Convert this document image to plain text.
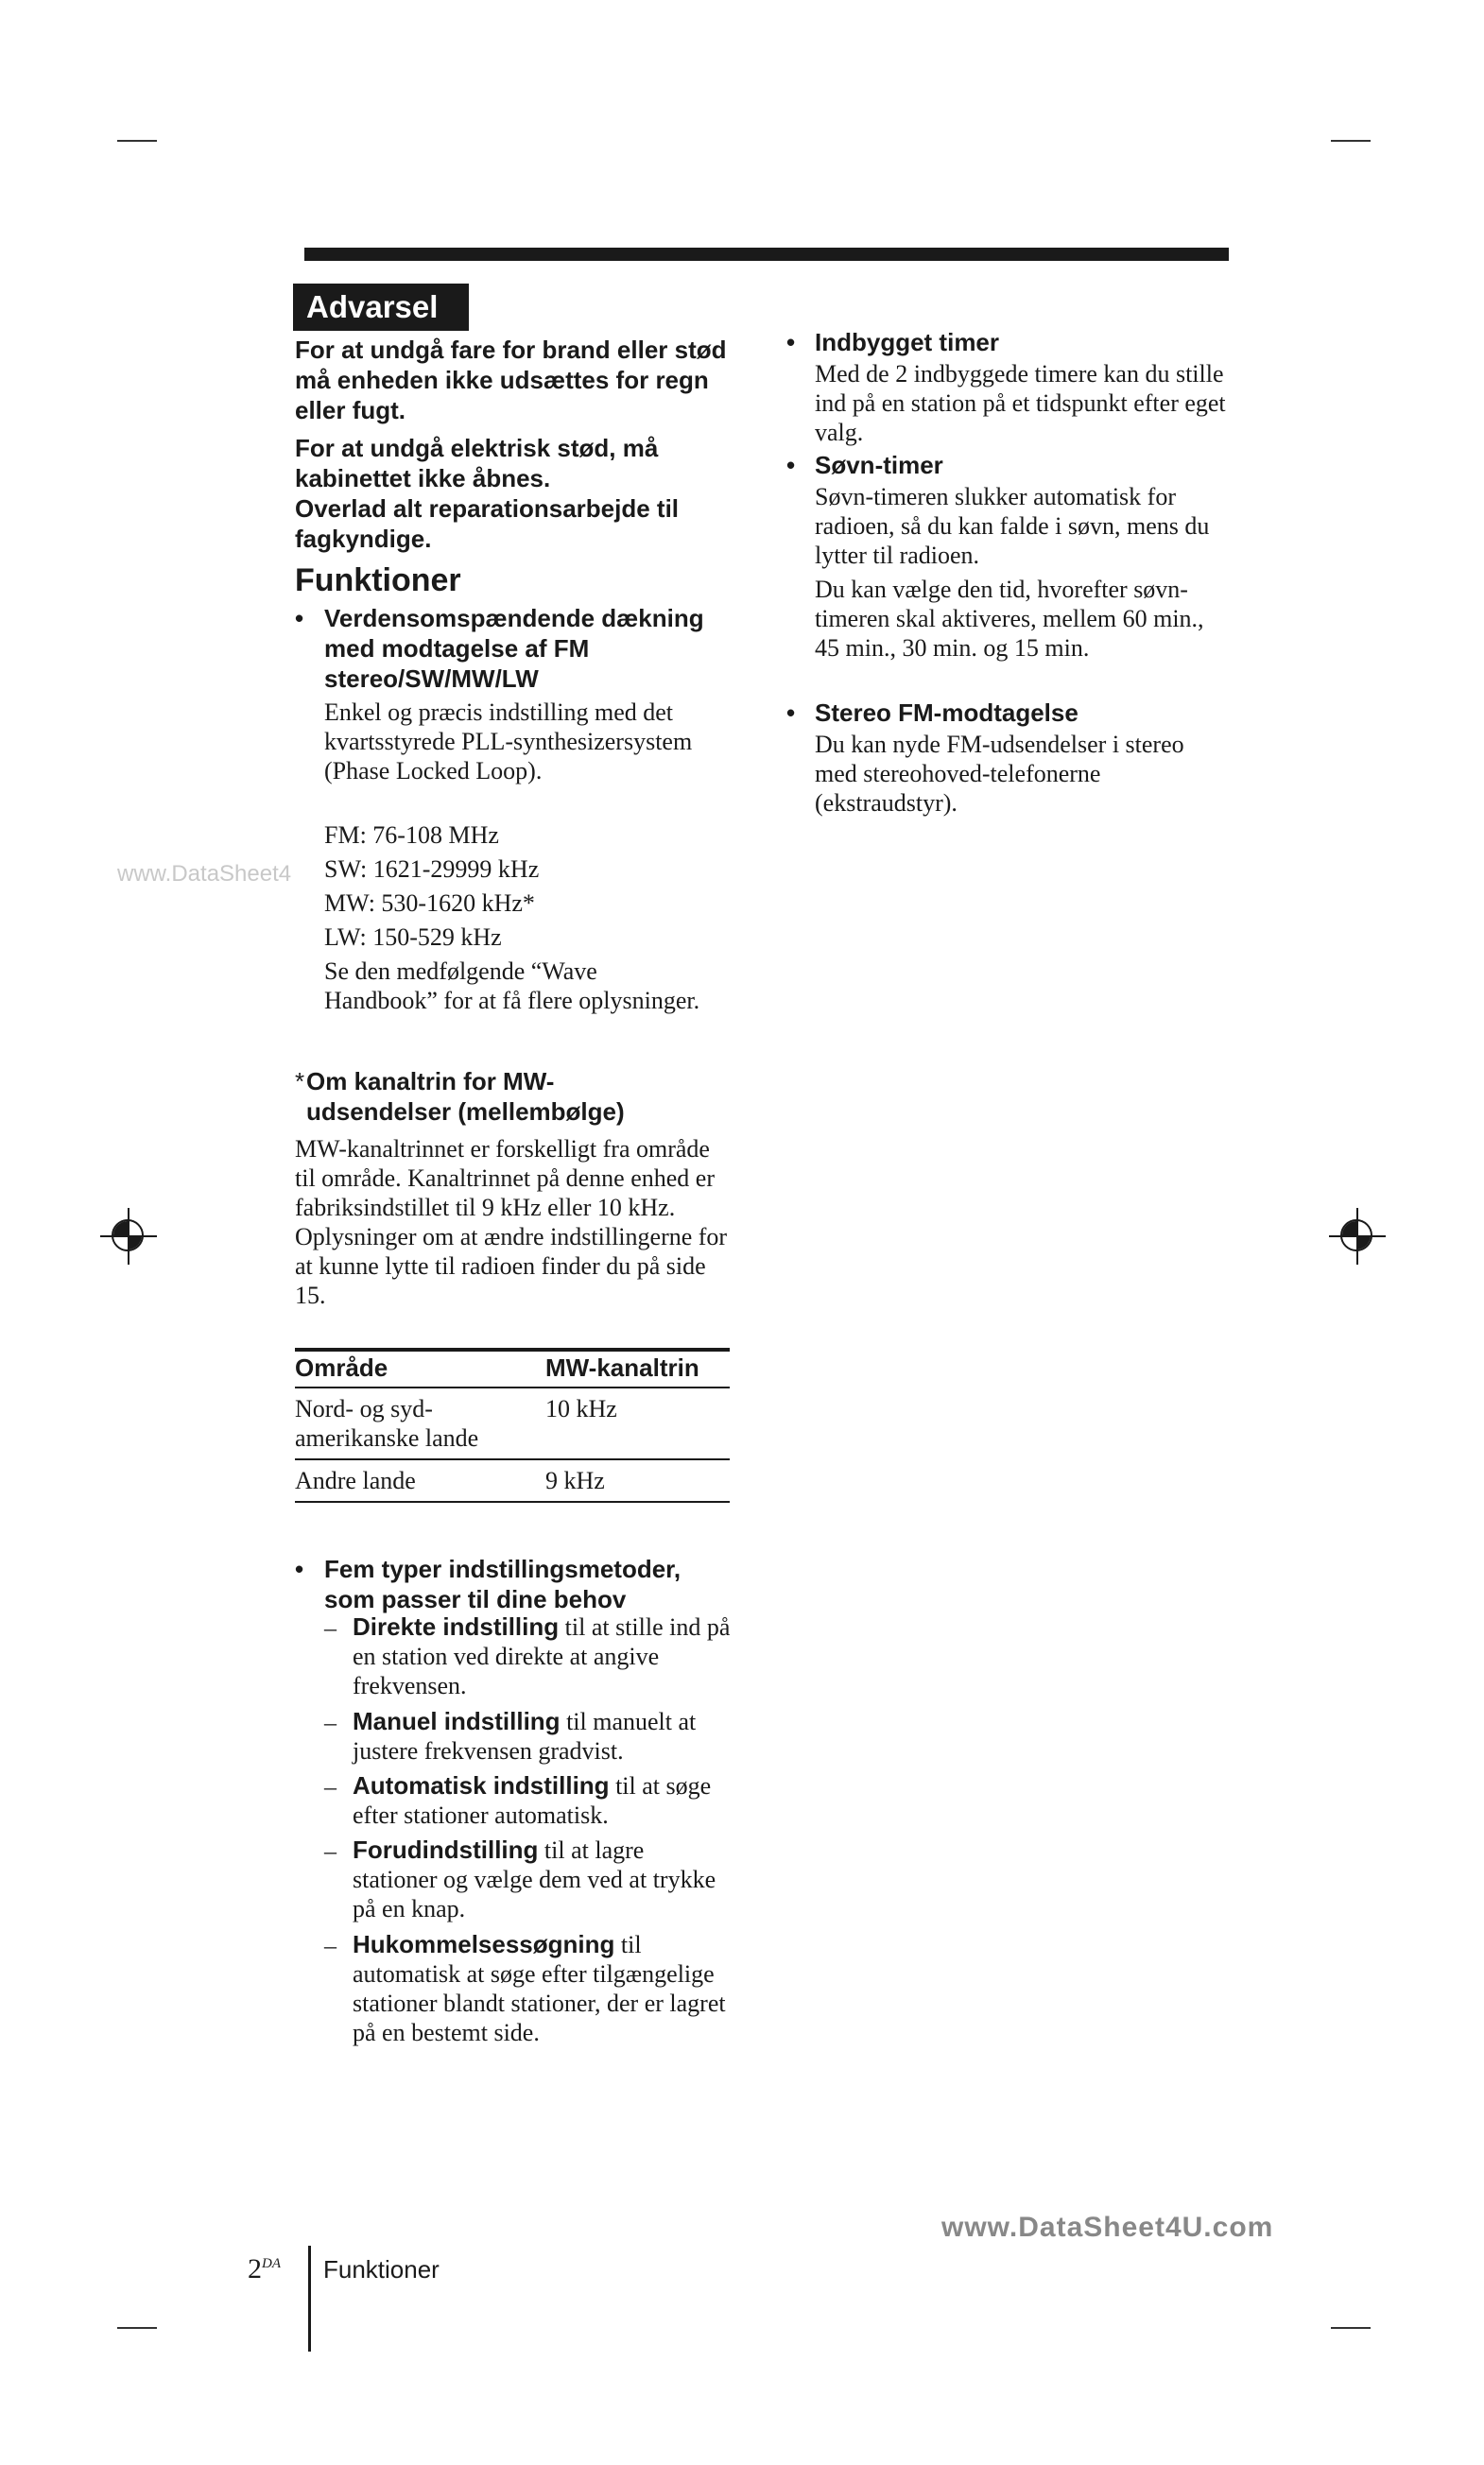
Advarsel
For at undgå fare for brand eller stød må enheden ikke udsættes for regn eller fugt.
For at undgå elektrisk stød, må kabinettet ikke åbnes.
Overlad alt reparationsarbejde til fagkyndige.
Funktioner
• Verdensomspændende dækning med modtagelse af FM stereo/SW/MW/LW
Enkel og præcis indstilling med det kvartsstyrede PLL-synthesizersystem (Phase Locked Loop).
FM: 76-108 MHz
SW: 1621-29999 kHz
MW: 530-1620 kHz*
LW: 150-529 kHz
Se den medfølgende “Wave Handbook” for at få flere oplysninger.
www.DataSheet4
* Om kanaltrin for MW-udsendelser (mellembølge)
MW-kanaltrinnet er forskelligt fra område til område. Kanaltrinnet på denne enhed er fabriksindstillet til 9 kHz eller 10 kHz. Oplysninger om at ændre indstillingerne for at kunne lytte til radioen finder du på side 15.
Område	MW-kanaltrin
Nord- og syd-amerikanske lande	10 kHz
Andre lande	9 kHz
• Fem typer indstillingsmetoder, som passer til dine behov
– Direkte indstilling til at stille ind på en station ved direkte at angive frekvensen.
– Manuel indstilling til manuelt at justere frekvensen gradvist.
– Automatisk indstilling til at søge efter stationer automatisk.
– Forudindstilling til at lagre stationer og vælge dem ved at trykke på en knap.
– Hukommelsessøgning til automatisk at søge efter tilgængelige stationer blandt stationer, der er lagret på en bestemt side.
• Indbygget timer
Med de 2 indbyggede timere kan du stille ind på en station på et tidspunkt efter eget valg.
• Søvn-timer
Søvn-timeren slukker automatisk for radioen, så du kan falde i søvn, mens du lytter til radioen.
Du kan vælge den tid, hvorefter søvn-timeren skal aktiveres, mellem 60 min., 45 min., 30 min. og 15 min.
• Stereo FM-modtagelse
Du kan nyde FM-udsendelser i stereo med stereohoved-telefonerne (ekstraudstyr).
www.DataSheet4U.com
$2^{DA}$ Funktioner
